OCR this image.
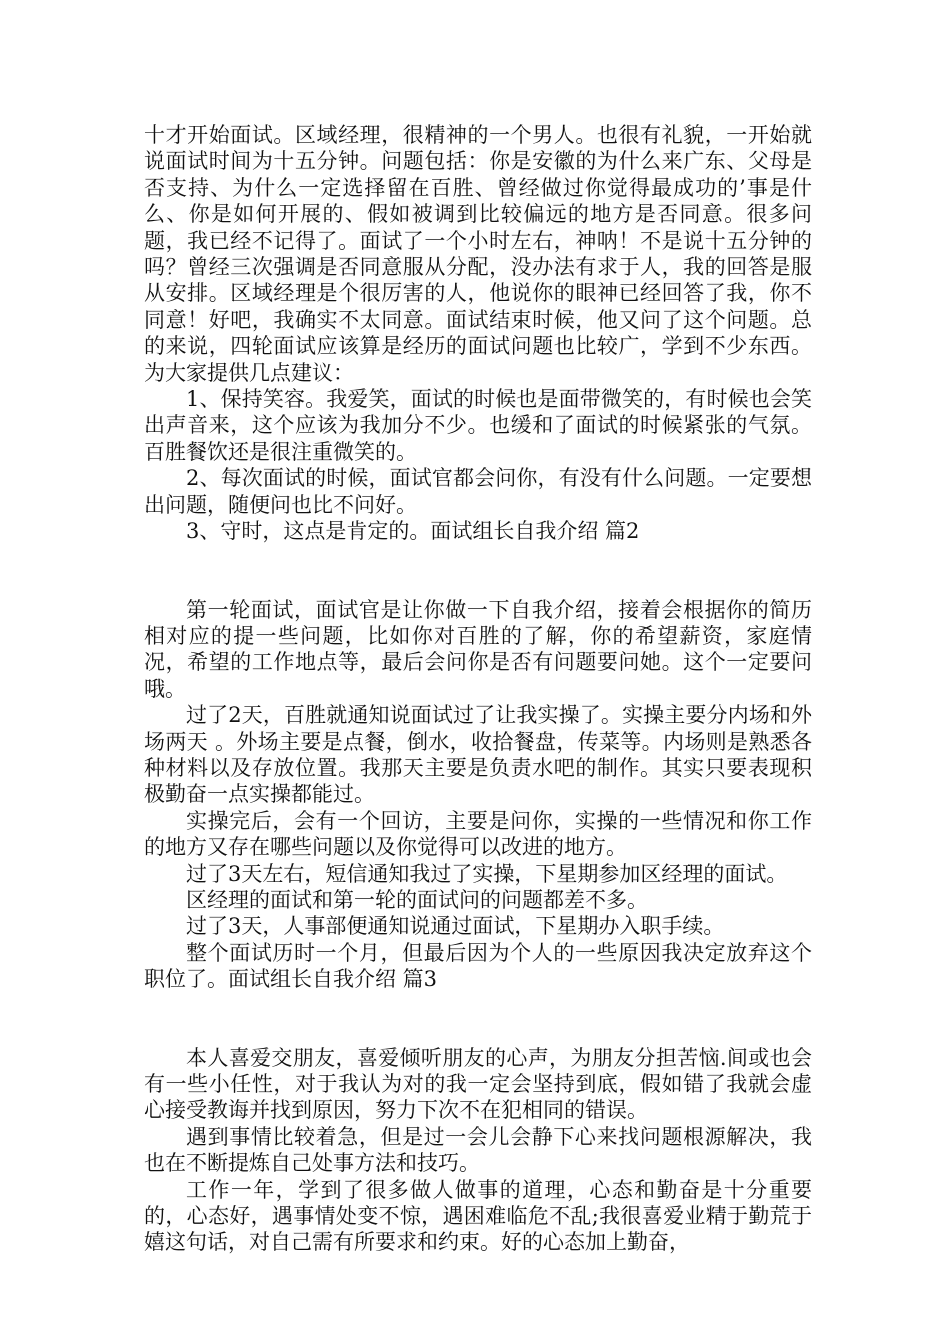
十才开始面试。区域经理，很精神的一个男人。也很有礼貌，一开始就说面试时间为十五分钟。问题包括：你是安徽的为什么来广东、父母是否支持、为什么一定选择留在百胜、曾经做过你觉得最成功的’事是什么、你是如何开展的、假如被调到比较偏远的地方是否同意。很多问题，我已经不记得了。面试了一个小时左右，神呐！不是说十五分钟的吗？曾经三次强调是否同意服从分配，没办法有求于人，我的回答是服从安排。区域经理是个很厉害的人，他说你的眼神已经回答了我，你不同意！好吧，我确实不太同意。面试结束时候，他又问了这个问题。总的来说，四轮面试应该算是经历的面试问题也比较广，学到不少东西。 为大家提供几点建议：

1、保持笑容。我爱笑，面试的时候也是面带微笑的，有时候也会笑出声音来，这个应该为我加分不少。也缓和了面试的时候紧张的气氛。百胜餐饮还是很注重微笑的。

2、每次面试的时候，面试官都会问你，有没有什么问题。一定要想出问题，随便问也比不问好。

3、守时，这点是肯定的。面试组长自我介绍 篇2

第一轮面试，面试官是让你做一下自我介绍，接着会根据你的简历相对应的提一些问题，比如你对百胜的了解，你的希望薪资，家庭情况，希望的工作地点等，最后会问你是否有问题要问她。这个一定要问哦。

过了2天，百胜就通知说面试过了让我实操了。实操主要分内场和外场两天 。外场主要是点餐，倒水，收拾餐盘，传菜等。内场则是熟悉各种材料以及存放位置。我那天主要是负责水吧的制作。其实只要表现积极勤奋一点实操都能过。

实操完后，会有一个回访，主要是问你，实操的一些情况和你工作的地方又存在哪些问题以及你觉得可以改进的地方。

过了3天左右，短信通知我过了实操，下星期参加区经理的面试。

区经理的面试和第一轮的面试问的问题都差不多。

过了3天，人事部便通知说通过面试，下星期办入职手续。

整个面试历时一个月，但最后因为个人的一些原因我决定放弃这个职位了。面试组长自我介绍 篇3

本人喜爱交朋友，喜爱倾听朋友的心声，为朋友分担苦恼.间或也会有一些小任性，对于我认为对的我一定会坚持到底，假如错了我就会虚心接受教诲并找到原因，努力下次不在犯相同的错误。

遇到事情比较着急，但是过一会儿会静下心来找问题根源解决，我也在不断提炼自己处事方法和技巧。

工作一年，学到了很多做人做事的道理，心态和勤奋是十分重要的，心态好，遇事情处变不惊，遇困难临危不乱;我很喜爱业精于勤荒于嬉这句话，对自己需有所要求和约束。好的心态加上勤奋，
